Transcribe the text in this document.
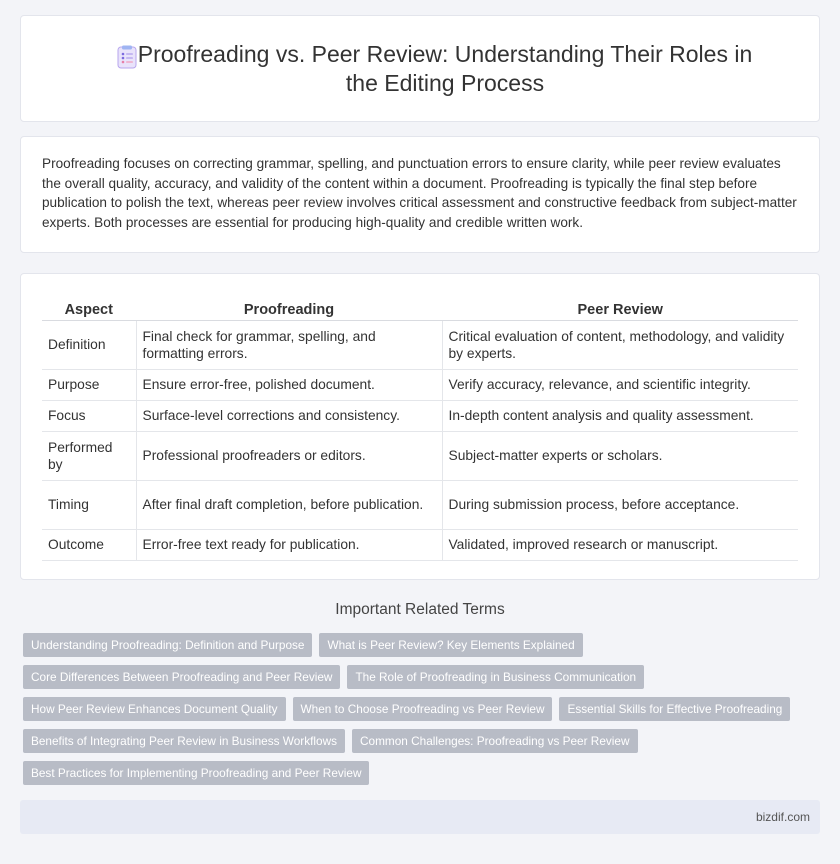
Proofreading vs. Peer Review: Understanding Their Roles in the Editing Process

Proofreading focuses on correcting grammar, spelling, and punctuation errors to ensure clarity, while peer review evaluates the overall quality, accuracy, and validity of the content within a document. Proofreading is typically the final step before publication to polish the text, whereas peer review involves critical assessment and constructive feedback from subject-matter experts. Both processes are essential for producing high-quality and credible written work.

Aspect	Proofreading	Peer Review
Definition	Final check for grammar, spelling, and formatting errors.	Critical evaluation of content, methodology, and validity by experts.
Purpose	Ensure error-free, polished document.	Verify accuracy, relevance, and scientific integrity.
Focus	Surface-level corrections and consistency.	In-depth content analysis and quality assessment.
Performed by	Professional proofreaders or editors.	Subject-matter experts or scholars.
Timing	After final draft completion, before publication.	During submission process, before acceptance.
Outcome	Error-free text ready for publication.	Validated, improved research or manuscript.
Important Related Terms
Understanding Proofreading: Definition and Purpose	What is Peer Review? Key Elements Explained
Core Differences Between Proofreading and Peer Review	The Role of Proofreading in Business Communication
How Peer Review Enhances Document Quality	When to Choose Proofreading vs Peer Review	Essential Skills for Effective Proofreading
Benefits of Integrating Peer Review in Business Workflows	Common Challenges: Proofreading vs Peer Review
Best Practices for Implementing Proofreading and Peer Review
bizdif.com
